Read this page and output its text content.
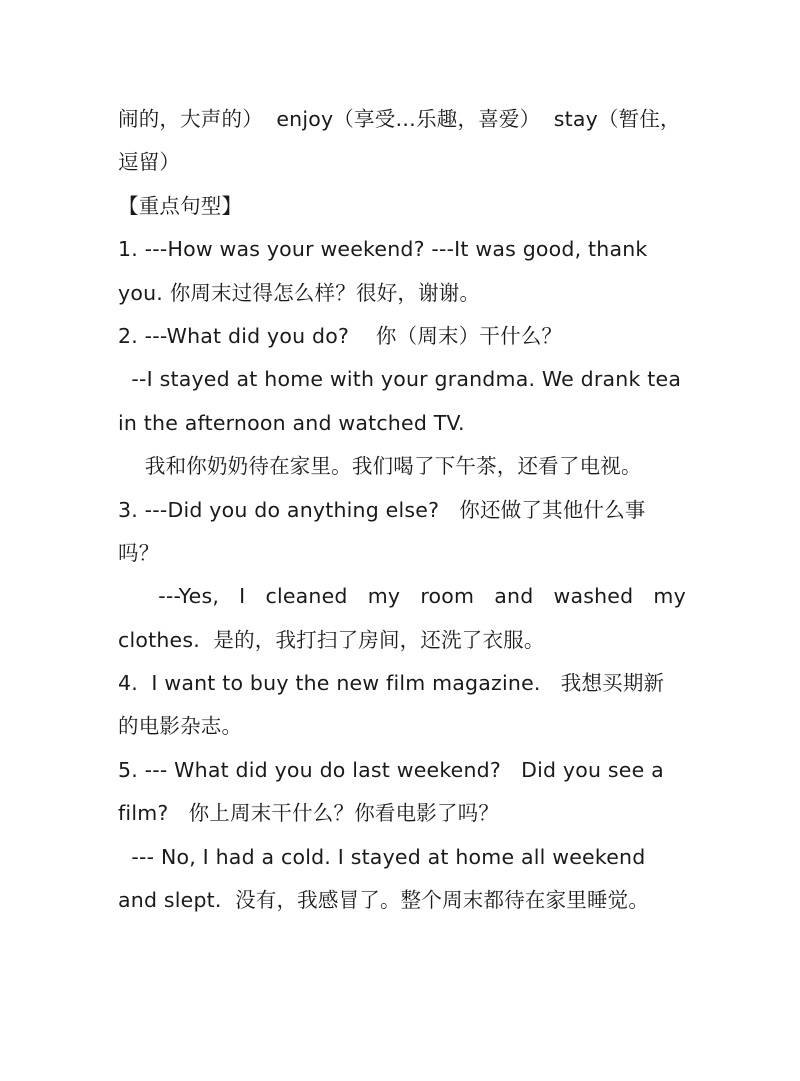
闹的，大声的）  enjoy（享受…乐趣，喜爱）  stay（暂住，
逗留）
【重点句型】
1. ---How was your weekend? ---It was good, thank
you. 你周末过得怎么样？很好，谢谢。
2. ---What did you do?    你（周末）干什么？
--I stayed at home with your grandma. We drank tea
in the afternoon and watched TV.
我和你奶奶待在家里。我们喝了下午茶，还看了电视。
3. ---Did you do anything else?   你还做了其他什么事
吗？
---Yes, I cleaned my room and washed my
clothes.  是的，我打扫了房间，还洗了衣服。
4.  I want to buy the new film magazine.   我想买期新
的电影杂志。
5. --- What did you do last weekend?   Did you see a
film?   你上周末干什么？你看电影了吗？
--- No, I had a cold. I stayed at home all weekend
and slept.  没有，我感冒了。整个周末都待在家里睡觉。
